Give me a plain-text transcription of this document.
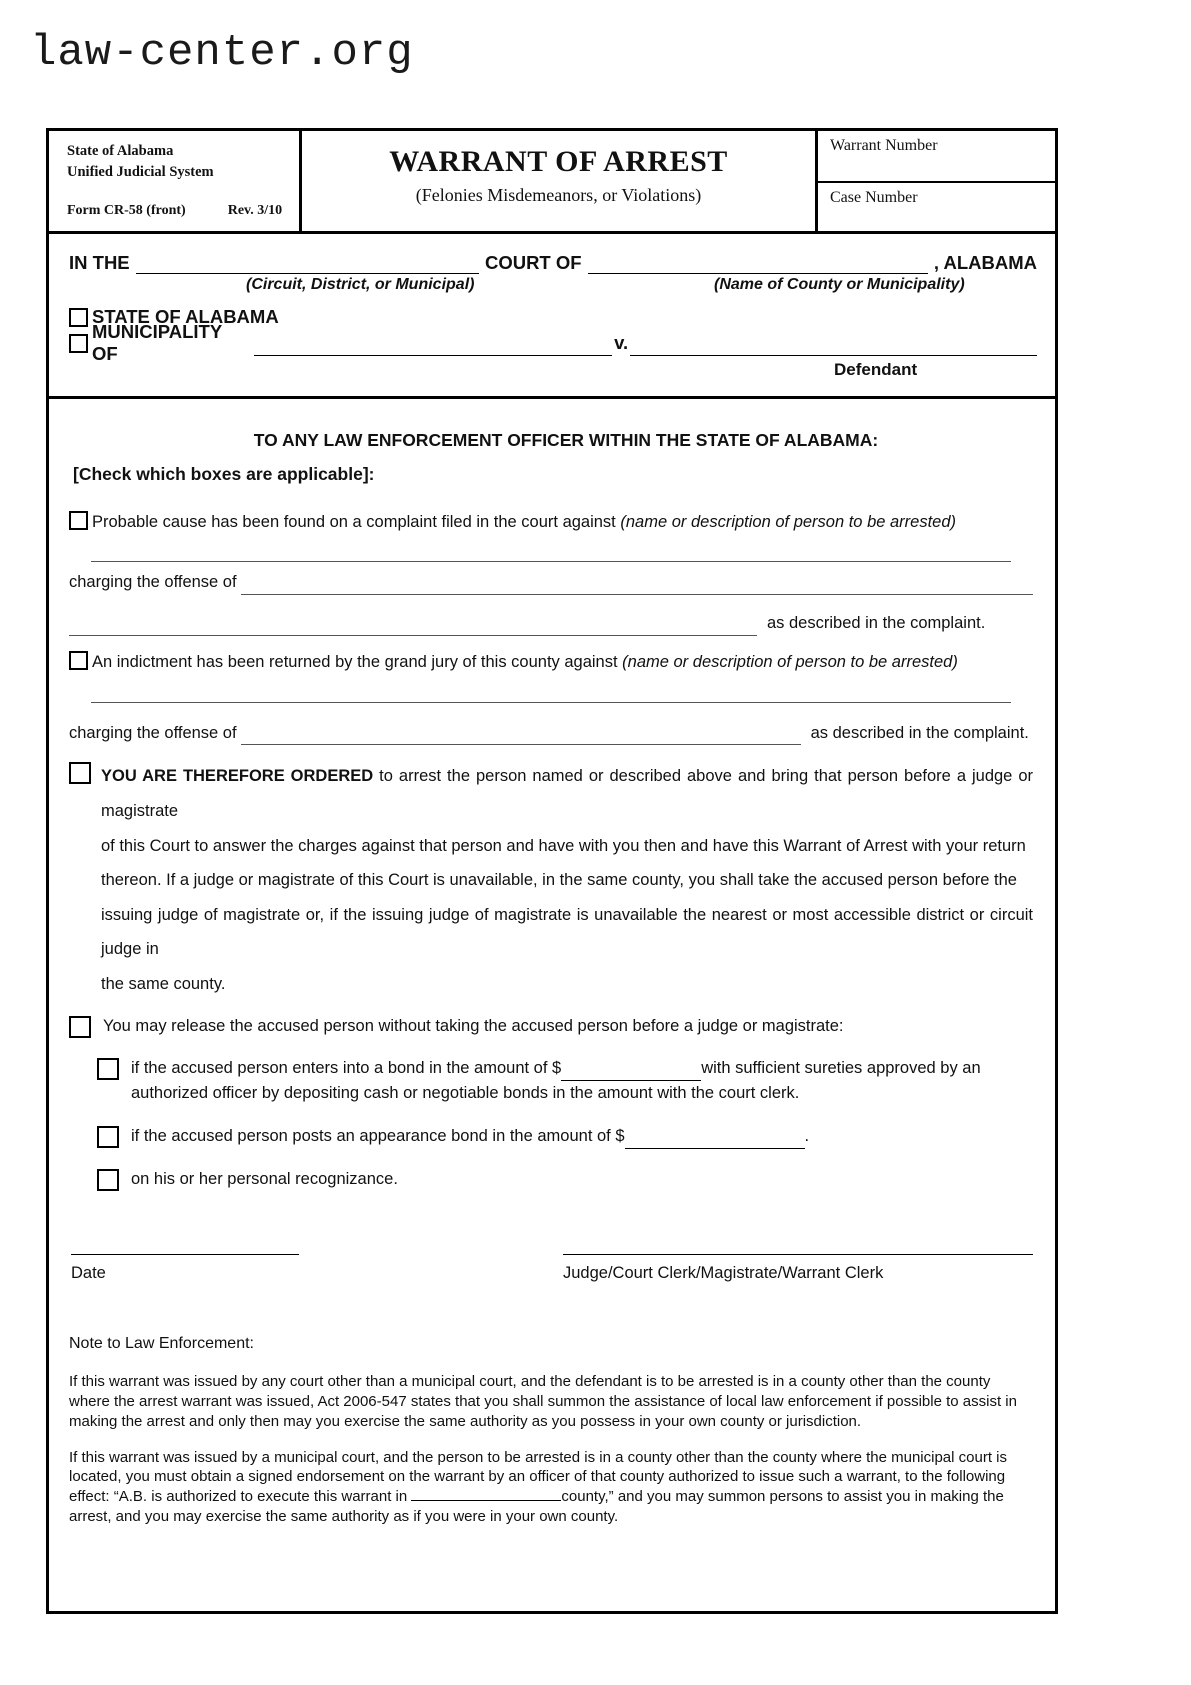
law-center.org
State of Alabama
Unified Judicial System
Form CR-58 (front)	Rev. 3/10
WARRANT OF ARREST
(Felonies Misdemeanors, or Violations)
Warrant Number
Case Number
IN THE	COURT OF	, ALABAMA
(Circuit, District, or Municipal)	(Name of County or Municipality)
STATE OF ALABAMA
MUNICIPALITY OF
v.
Defendant
TO ANY LAW ENFORCEMENT OFFICER WITHIN THE STATE OF ALABAMA:
[Check which boxes are applicable]:
Probable cause has been found on a complaint filed in the court against (name or description of person to be arrested)
charging the offense of
as described in the complaint.
An indictment has been returned by the grand jury of this county against (name or description of person to be arrested)
charging the offense of	as described in the complaint.
YOU ARE THEREFORE ORDERED to arrest the person named or described above and bring that person before a judge or magistrate
of this Court to answer the charges against that person and have with you then and have this Warrant of Arrest with your return
thereon. If a judge or magistrate of this Court is unavailable, in the same county, you shall take the accused person before the
issuing judge of magistrate or, if the issuing judge of magistrate is unavailable the nearest or most accessible district or circuit judge in
the same county.
You may release the accused person without taking the accused person before a judge or magistrate:
if the accused person enters into a bond in the amount of $	with sufficient sureties approved by an
authorized officer by depositing cash or negotiable bonds in the amount with the court clerk.
if the accused person posts an appearance bond in the amount of $	.
on his or her personal recognizance.
Date	Judge/Court Clerk/Magistrate/Warrant Clerk
Note to Law Enforcement:

If this warrant was issued by any court other than a municipal court, and the defendant is to be arrested is in a county other than the county where the arrest warrant was issued, Act 2006-547 states that you shall summon the assistance of local law enforcement if possible to assist in making the arrest and only then may you exercise the same authority as you possess in your own county or jurisdiction.

If this warrant was issued by a municipal court, and the person to be arrested is in a county other than the county where the municipal court is located, you must obtain a signed endorsement on the warrant by an officer of that county authorized to issue such a warrant, to the following effect: “A.B. is authorized to execute this warrant in	county,” and you may summon persons to assist you in making the arrest, and you may exercise the same authority as if you were in your own county.
